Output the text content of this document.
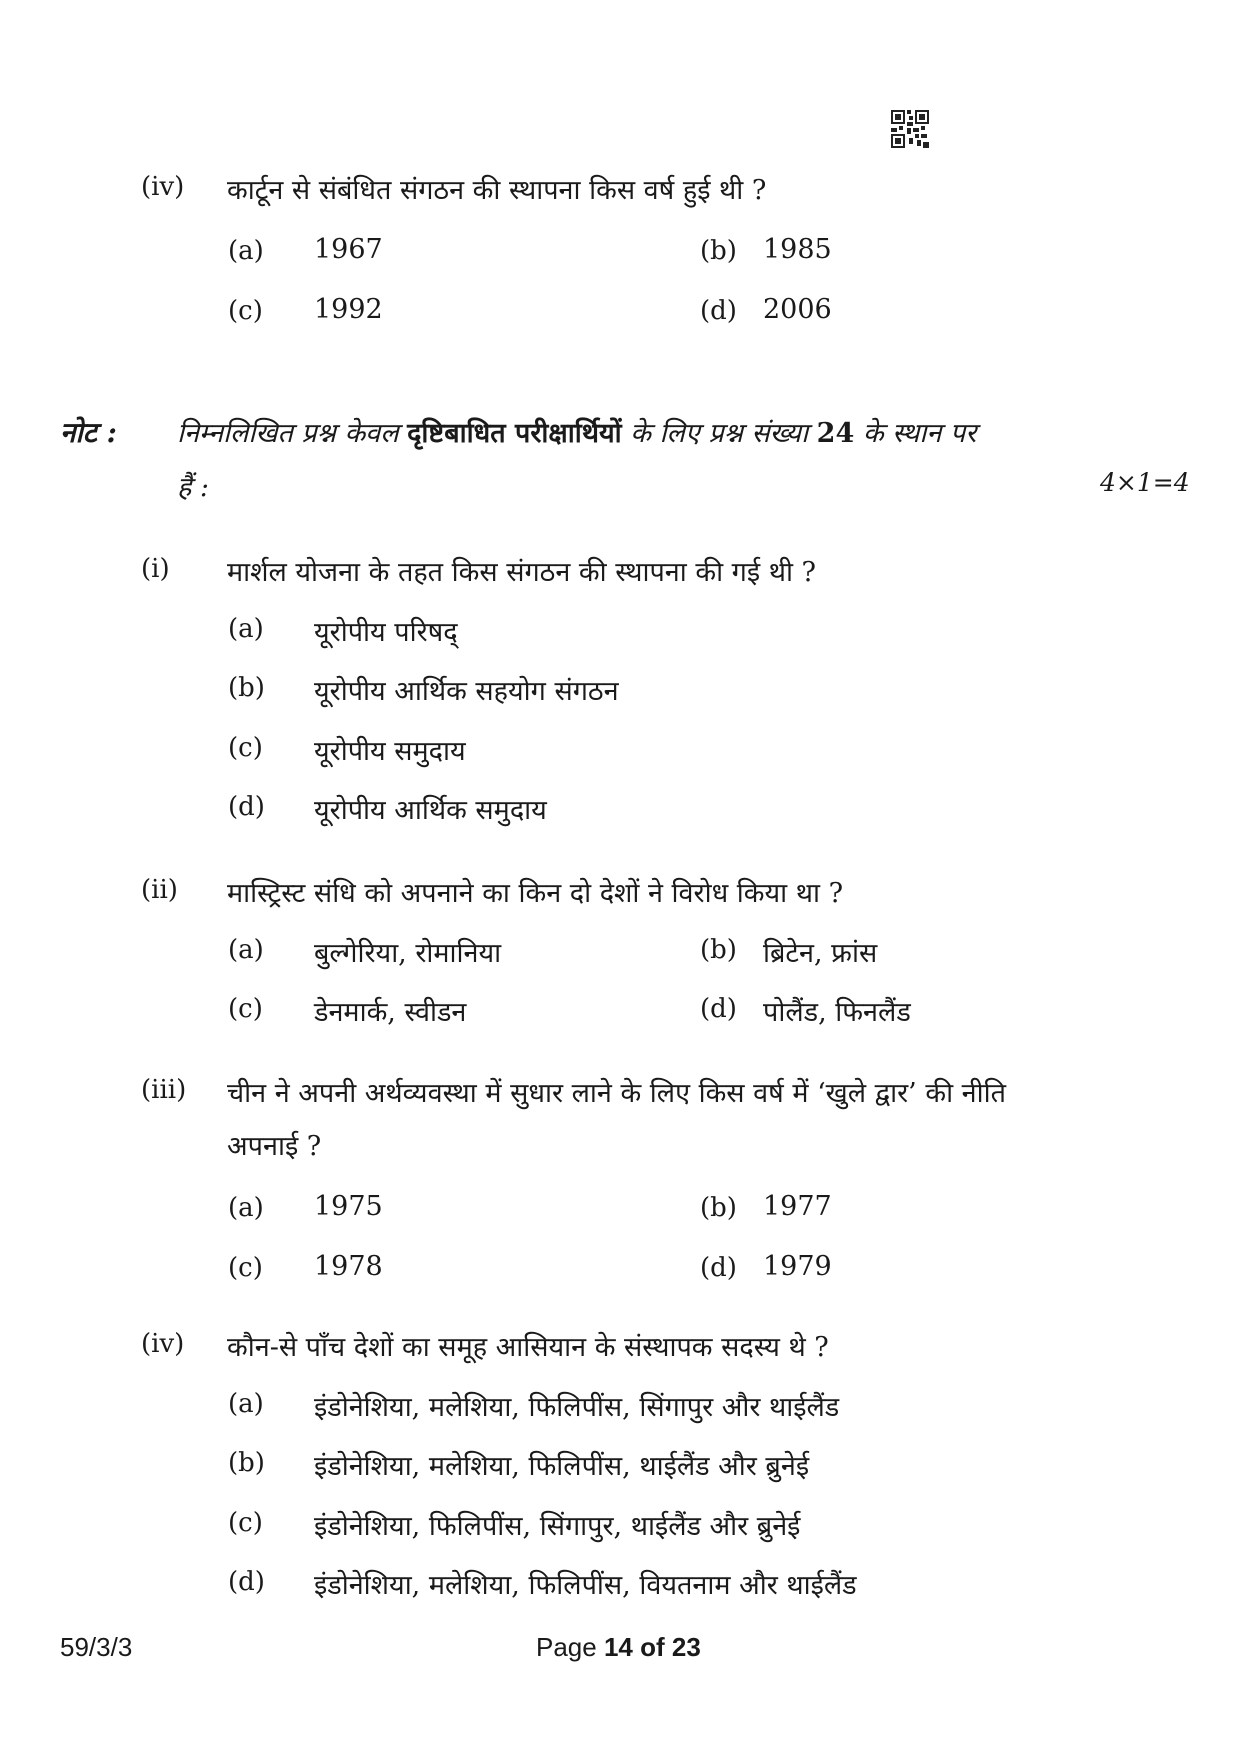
(iv) कार्टून से संबंधित संगठन की स्थापना किस वर्ष हुई थी ?
(a) 1967	(b) 1985
(c) 1992	(d) 2006
नोट : निम्नलिखित प्रश्न केवल दृष्टिबाधित परीक्षार्थियों के लिए प्रश्न संख्या 24 के स्थान पर
हैं :	4×1=4
(i) मार्शल योजना के तहत किस संगठन की स्थापना की गई थी ?
(a) यूरोपीय परिषद्
(b) यूरोपीय आर्थिक सहयोग संगठन
(c) यूरोपीय समुदाय
(d) यूरोपीय आर्थिक समुदाय
(ii) मास्ट्रिस्ट संधि को अपनाने का किन दो देशों ने विरोध किया था ?
(a) बुल्गेरिया, रोमानिया	(b) ब्रिटेन, फ्रांस
(c) डेनमार्क, स्वीडन	(d) पोलैंड, फिनलैंड
(iii) चीन ने अपनी अर्थव्यवस्था में सुधार लाने के लिए किस वर्ष में ‘खुले द्वार’ की नीति
अपनाई ?
(a) 1975	(b) 1977
(c) 1978	(d) 1979
(iv) कौन-से पाँच देशों का समूह आसियान के संस्थापक सदस्य थे ?
(a) इंडोनेशिया, मलेशिया, फिलिपींस, सिंगापुर और थाईलैंड
(b) इंडोनेशिया, मलेशिया, फिलिपींस, थाईलैंड और ब्रुनेई
(c) इंडोनेशिया, फिलिपींस, सिंगापुर, थाईलैंड और ब्रुनेई
(d) इंडोनेशिया, मलेशिया, फिलिपींस, वियतनाम और थाईलैंड
59/3/3	Page 14 of 23
